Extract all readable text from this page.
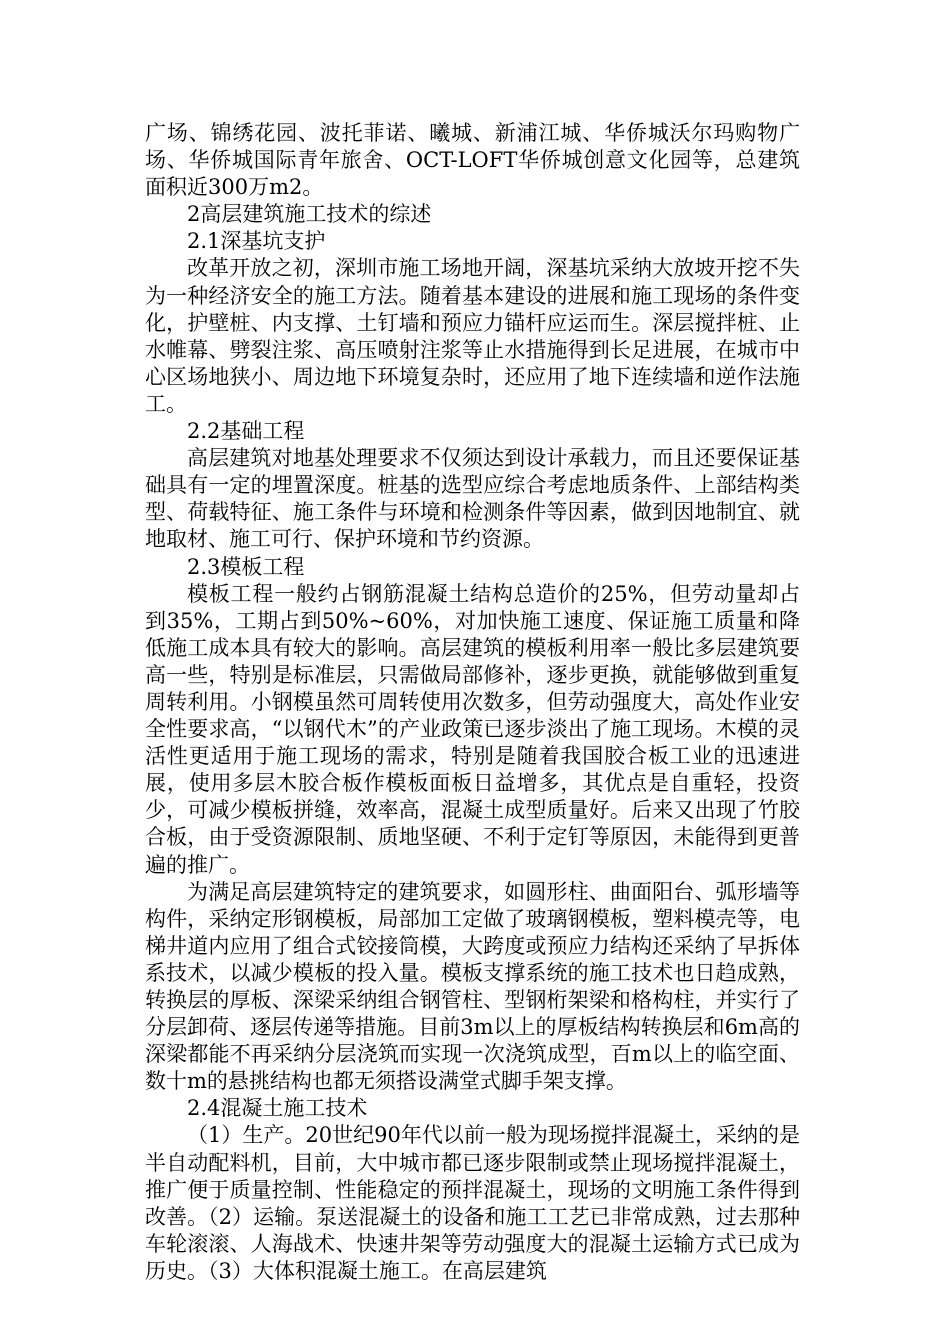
广场、锦绣花园、波托菲诺、曦城、新浦江城、华侨城沃尔玛购物广场、华侨城国际青年旅舍、OCT-LOFT华侨城创意文化园等，总建筑面积近300万m2。

2高层建筑施工技术的综述

2.1深基坑支护

改革开放之初，深圳市施工场地开阔，深基坑采纳大放坡开挖不失为一种经济安全的施工方法。随着基本建设的进展和施工现场的条件变化，护壁桩、内支撑、土钉墙和预应力锚杆应运而生。深层搅拌桩、止水帷幕、劈裂注浆、高压喷射注浆等止水措施得到长足进展，在城市中心区场地狭小、周边地下环境复杂时，还应用了地下连续墙和逆作法施工。

2.2基础工程

高层建筑对地基处理要求不仅须达到设计承载力，而且还要保证基础具有一定的埋置深度。桩基的选型应综合考虑地质条件、上部结构类型、荷载特征、施工条件与环境和检测条件等因素，做到因地制宜、就地取材、施工可行、保护环境和节约资源。

2.3模板工程

模板工程一般约占钢筋混凝土结构总造价的25%，但劳动量却占到35%，工期占到50%~60%，对加快施工速度、保证施工质量和降低施工成本具有较大的影响。高层建筑的模板利用率一般比多层建筑要高一些，特别是标准层，只需做局部修补，逐步更换，就能够做到重复周转利用。小钢模虽然可周转使用次数多，但劳动强度大，高处作业安全性要求高，“以钢代木”的产业政策已逐步淡出了施工现场。木模的灵活性更适用于施工现场的需求，特别是随着我国胶合板工业的迅速进展，使用多层木胶合板作模板面板日益增多，其优点是自重轻，投资少，可减少模板拼缝，效率高，混凝土成型质量好。后来又出现了竹胶合板，由于受资源限制、质地坚硬、不利于定钉等原因，未能得到更普遍的推广。

为满足高层建筑特定的建筑要求，如圆形柱、曲面阳台、弧形墙等构件，采纳定形钢模板，局部加工定做了玻璃钢模板，塑料模壳等，电梯井道内应用了组合式铰接筒模，大跨度或预应力结构还采纳了早拆体系技术，以减少模板的投入量。模板支撑系统的施工技术也日趋成熟，转换层的厚板、深梁采纳组合钢管柱、型钢桁架梁和格构柱，并实行了分层卸荷、逐层传递等措施。目前3m以上的厚板结构转换层和6m高的深梁都能不再采纳分层浇筑而实现一次浇筑成型，百m以上的临空面、数十m的悬挑结构也都无须搭设满堂式脚手架支撑。

2.4混凝土施工技术

（1）生产。20世纪90年代以前一般为现场搅拌混凝土，采纳的是半自动配料机，目前，大中城市都已逐步限制或禁止现场搅拌混凝土，推广便于质量控制、性能稳定的预拌混凝土，现场的文明施工条件得到改善。（2）运输。泵送混凝土的设备和施工工艺已非常成熟，过去那种车轮滚滚、人海战术、快速井架等劳动强度大的混凝土运输方式已成为历史。（3）大体积混凝土施工。在高层建筑
